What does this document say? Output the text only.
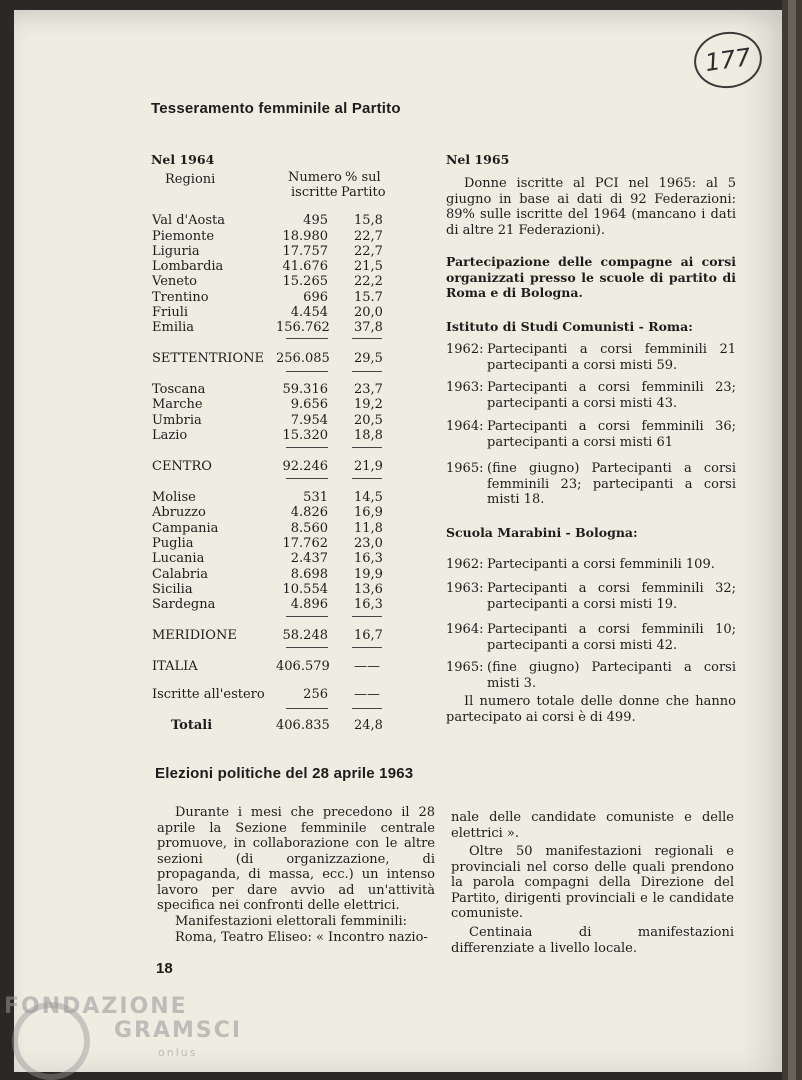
177
Tesseramento femminile al Partito
Nel 1964
Regioni	Numero
iscritte
% sul
Partito
Val d'Aosta	495 15,8
Piemonte	18.980 22,7
Liguria	17.757 22,7
Lombardia	41.676 21,5
Veneto	15.265 22,2
Trentino	696 15.7
Friuli	4.454 20,0
Emilia	156.762 37,8
SETTENTRIONE 256.085 29,5
Toscana	59.316 23,7
Marche	9.656 19,2
Umbria	7.954 20,5
Lazio	15.320 18,8
CENTRO	92.246 21,9
Molise	531 14,5
Abruzzo	4.826 16,9
Campania	8.560 11,8
Puglia	17.762 23,0
Lucania	2.437 16,3
Calabria	8.698 19,9
Sicilia	10.554 13,6
Sardegna	4.896 16,3
MERIDIONE	58.248 16,7
ITALIA	406.579 ——
Iscritte all'estero	256 ——
Totali	406.835 24,8
Nel 1965
Donne iscritte al PCI nel 1965: al 5 giugno in base ai dati di 92 Federazioni: 89% sulle iscritte del 1964 (mancano i dati di altre 21 Federazioni).
Partecipazione delle compagne ai corsi organizzati presso le scuole di partito di Roma e di Bologna.
Istituto di Studi Comunisti - Roma:
1962: Partecipanti a corsi femminili 21 partecipanti a corsi misti 59.
1963: Partecipanti a corsi femminili 23; partecipanti a corsi misti 43.
1964: Partecipanti a corsi femminili 36; partecipanti a corsi misti 61
1965: (fine giugno) Partecipanti a corsi femminili 23; partecipanti a corsi misti 18.
Scuola Marabini - Bologna:
1962: Partecipanti a corsi femminili 109.
1963: Partecipanti a corsi femminili 32; partecipanti a corsi misti 19.
1964: Partecipanti a corsi femminili 10; partecipanti a corsi misti 42.
1965: (fine giugno) Partecipanti a corsi misti 3.
Il numero totale delle donne che hanno partecipato ai corsi è di 499.
Elezioni politiche del 28 aprile 1963
Durante i mesi che precedono il 28 aprile la Sezione femminile centrale promuove, in collaborazione con le altre sezioni (di organizzazione, di propaganda, di massa, ecc.) un intenso lavoro per dare avvio ad un'attività specifica nei confronti delle elettrici.
Manifestazioni elettorali femminili:
Roma, Teatro Eliseo: « Incontro nazio-
nale delle candidate comuniste e delle elettrici ».
Oltre 50 manifestazioni regionali e provinciali nel corso delle quali prendono la parola compagni della Direzione del Partito, dirigenti provinciali e le candidate comuniste.
Centinaia di manifestazioni differenziate a livello locale.
18
FONDAZIONE
GRAMSCI
onlus
